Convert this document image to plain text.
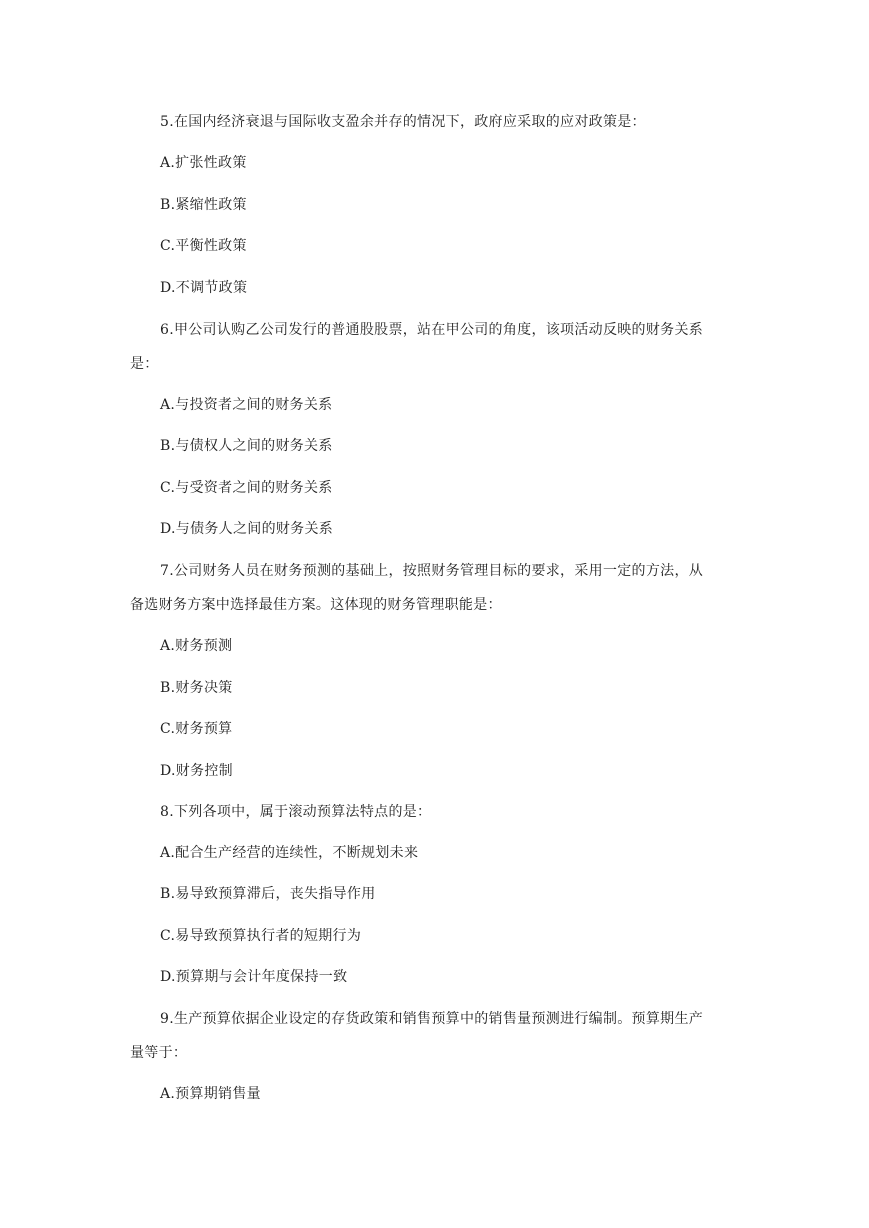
5.在国内经济衰退与国际收支盈余并存的情况下，政府应采取的应对政策是：
A.扩张性政策
B.紧缩性政策
C.平衡性政策
D.不调节政策
6.甲公司认购乙公司发行的普通股股票，站在甲公司的角度，该项活动反映的财务关系
是：
A.与投资者之间的财务关系
B.与债权人之间的财务关系
C.与受资者之间的财务关系
D.与债务人之间的财务关系
7.公司财务人员在财务预测的基础上，按照财务管理目标的要求，采用一定的方法，从
备选财务方案中选择最佳方案。这体现的财务管理职能是：
A.财务预测
B.财务决策
C.财务预算
D.财务控制
8.下列各项中，属于滚动预算法特点的是：
A.配合生产经营的连续性，不断规划未来
B.易导致预算滞后，丧失指导作用
C.易导致预算执行者的短期行为
D.预算期与会计年度保持一致
9.生产预算依据企业设定的存货政策和销售预算中的销售量预测进行编制。预算期生产
量等于：
A.预算期销售量
